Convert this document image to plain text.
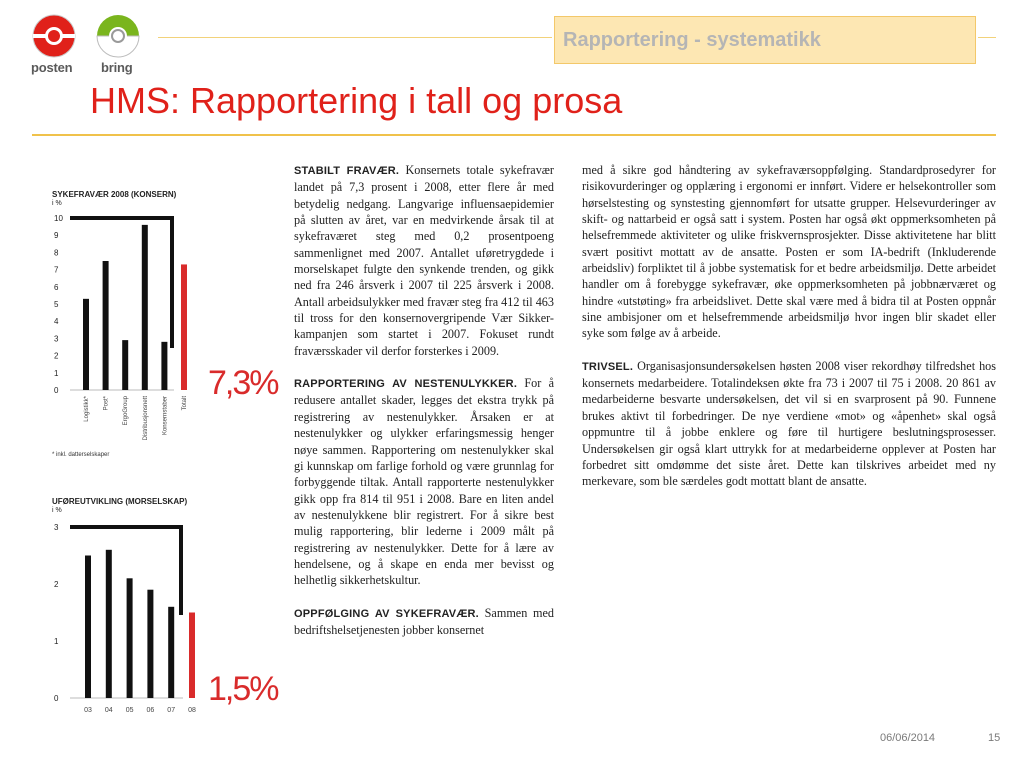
posten bring
Rapportering - systematikk
HMS: Rapportering i tall og prosa
SYKEFRAVÆR 2008 (KONSERN)
i %
0
1
2
3
4
5
6
7
8
9
10
Logistikk* Post* ErgoGroup Distribusjonsnett Konsernstaber Totalt
7,3%
* inkl. datterselskaper
UFØREUTVIKLING (MORSELSKAP)
i %
0
1
2
3
03 04 05 06 07 08
1,5%

STABILT FRAVÆR. Konsernets totale sykefravær landet på 7,3 prosent i 2008, etter flere år med betydelig nedgang. Langvarige influensaepidemier på slutten av året, var en medvirkende årsak til at sykefraværet steg med 0,2 prosentpoeng sammenlignet med 2007. Antallet uføretrygdede i morselskapet fulgte den synkende trenden, og gikk ned fra 246 årsverk i 2007 til 225 årsverk i 2008. Antall arbeidsulykker med fravær steg fra 412 til 463 til tross for den konsernovergripende Vær Sikker-kampanjen som startet i 2007. Fokuset rundt fraværsskader vil derfor forsterkes i 2009.

RAPPORTERING AV NESTENULYKKER. For å redusere antallet skader, legges det ekstra trykk på registrering av nestenulykker. Årsaken er at nestenulykker og ulykker erfaringsmessig henger nøye sammen. Rapportering om nestenulykker skal gi kunnskap om farlige forhold og være grunnlag for forbyggende tiltak. Antall rapporterte nestenulykker gikk opp fra 814 til 951 i 2008. Bare en liten andel av nestenulykkene blir registrert. For å sikre best mulig rapportering, blir lederne i 2009 målt på registrering av nestenulykker. Dette for å lære av hendelsene, og å skape en enda mer bevisst og helhetlig sikkerhetskultur.

OPPFØLGING AV SYKEFRAVÆR. Sammen med bedriftshelsetjenesten jobber konsernet

med å sikre god håndtering av sykefraværsoppfølging. Standardprosedyrer for risikovurderinger og opplæring i ergonomi er innført. Videre er helsekontroller som hørselstesting og synstesting gjennomført for utsatte grupper. Helsevurderinger av skift- og nattarbeid er også satt i system. Posten har også økt oppmerksomheten på helsefremmede aktiviteter og ulike friskvernsprosjekter. Disse aktivitetene har blitt svært positivt mottatt av de ansatte. Posten er som IA-bedrift (Inkluderende arbeidsliv) forpliktet til å jobbe systematisk for et bedre arbeidsmiljø. Dette arbeidet handler om å forebygge sykefravær, øke oppmerksomheten på jobbnærværet og hindre «utstøting» fra arbeidslivet. Dette skal være med å bidra til at Posten oppnår sine ambisjoner om et helsefremmende arbeidsmiljø hvor ingen blir skadet eller syke som følge av å arbeide.

TRIVSEL. Organisasjonsundersøkelsen høsten 2008 viser rekordhøy tilfredshet hos konsernets medarbeidere. Totalindeksen økte fra 73 i 2007 til 75 i 2008. 20 861 av medarbeiderne besvarte undersøkelsen, det vil si en svarprosent på 90. Funnene brukes aktivt til forbedringer. De nye verdiene «mot» og «åpenhet» skal også oppmuntre til å jobbe enklere og føre til hurtigere beslutningsprosesser. Undersøkelsen gir også klart uttrykk for at medarbeiderne opplever at Posten har forbedret sitt omdømme det siste året. Dette kan tilskrives arbeidet med ny merkevare, som ble særdeles godt mottatt blant de ansatte.

06/06/2014	15
